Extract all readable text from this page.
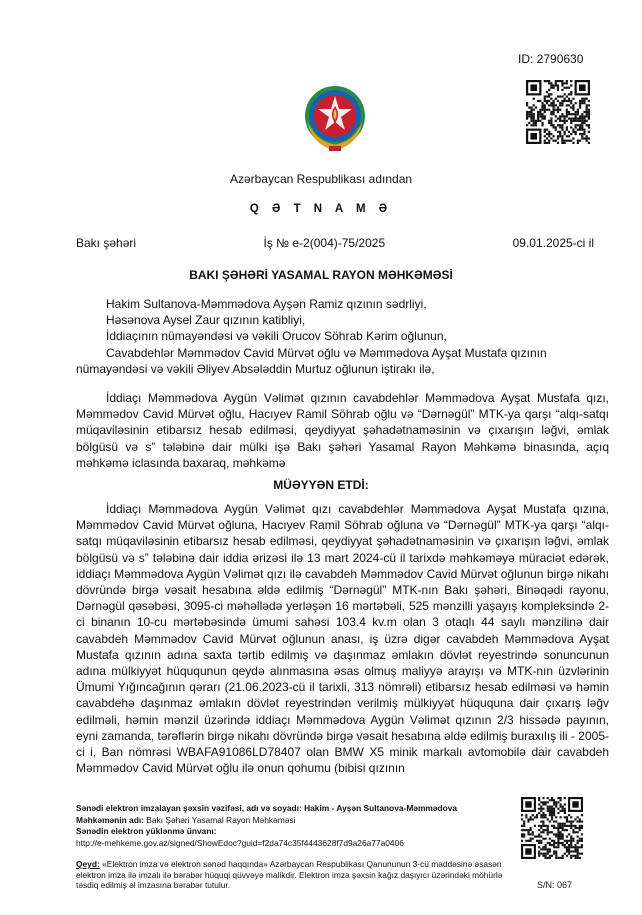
ID: 2790630
Azərbaycan Respublikası adından
Q Ə T N A M Ə
Bakı şəhəri	İş № e-2(004)-75/2025	09.01.2025-ci il
BAKI ŞƏHƏRİ YASAMAL RAYON MƏHKƏMƏSİ
Hakim Sultanova-Məmmədova Ayşən Ramiz qızının sədrliyi,
Həsənova Aysel Zaur qızının katibliyi,
İddiaçının nümayəndəsi və vəkili Orucov Söhrab Kərim oğlunun,
Cavabdehlər Məmmədov Cavid Mürvət oğlu və Məmmədova Ayşat Mustafa qızının
nümayəndəsi və vəkili Əliyev Absələddin Murtuz oğlunun iştirakı ilə,
İddiaçı Məmmədova Aygün Vəlimət qızının cavabdehlər Məmmədova Ayşat Mustafa qızı, Məmmədov Cavid Mürvət oğlu, Hacıyev Ramil Söhrab oğlu və “Dərnəgül” MTK-ya qarşı “alqı-satqı müqaviləsinin etibarsız hesab edilməsi, qeydiyyat şəhadətnaməsinin və çıxarışın ləğvi, əmlak bölgüsü və s” tələbinə dair mülki işə Bakı şəhəri Yasamal Rayon Məhkəmə binasında, açıq məhkəmə iclasında baxaraq, məhkəmə
MÜƏYYƏN ETDİ:
İddiaçı Məmmədova Aygün Vəlimət qızı cavabdehlər Məmmədova Ayşat Mustafa qızına, Məmmədov Cavid Mürvət oğluna, Hacıyev Ramil Söhrab oğluna və “Dərnəgül” MTK-ya qarşı “alqı-satqı müqaviləsinin etibarsız hesab edilməsi, qeydiyyat şəhadətnaməsinin və çıxarışın ləğvi, əmlak bölgüsü və s” tələbinə dair iddia ərizəsi ilə 13 mart 2024-cü il tarixdə məhkəməyə müraciət edərək, iddiaçı Məmmədova Aygün Vəlimət qızı ilə cavabdeh Məmmədov Cavid Mürvət oğlunun birgə nikahı dövründə birgə vəsait hesabına əldə edilmiş “Dərnəgül” MTK-nın Bakı şəhəri, Binəqədi rayonu, Dərnəgül qəsəbəsi, 3095-ci məhəllədə yerləşən 16 mərtəbəli, 525 mənzilli yaşayış kompleksində 2-ci binanın 10-cu mərtəbəsində ümumi sahəsi 103.4 kv.m olan 3 otaqlı 44 saylı mənzilinə dair cavabdeh Məmmədov Cavid Mürvət oğlunun anası, iş üzrə digər cavabdeh Məmmədova Ayşat Mustafa qızının adına saxta tərtib edilmiş və daşınmaz əmlakın dövlət reyestrində sonuncunun adına mülkiyyət hüququnun qeydə alınmasına əsas olmuş maliyyə arayışı və MTK-nın üzvlərinin Ümumi Yığıncağının qərarı (21.06.2023-cü il tarixli, 313 nömrəli) etibarsız hesab edilməsi və həmin cavabdehə daşınmaz əmlakın dövlət reyestrindən verilmiş mülkiyyət hüququna dair çıxarış ləğv edilməli, həmin mənzil üzərində iddiaçı Məmmədova Aygün Vəlimət qızının 2/3 hissədə payının, eyni zamanda, tərəflərin birgə nikahı dövründə birgə vəsait hesabına əldə edilmiş buraxılış ili - 2005-ci i, Ban nömrəsi WBAFA91086LD78407 olan BMW X5 minik markalı avtomobilə dair cavabdeh Məmmədov Cavid Mürvət oğlu ilə onun qohumu (bibisi qızının
Sənədi elektron imzalayan şəxsin vəzifəsi, adı və soyadı: Hakim - Ayşən Sultanova-Məmmədova
Məhkəmənin adı: Bakı Şəhəri Yasamal Rayon Məhkəməsi
Sənədin elektron yüklənmə ünvanı:
http://e-mehkeme.gov.az/signed/ShowEdoc?guid=f2da74c35f4443628f7d9a26a77a0406
Qeyd: «Elektron imza və elektron sənəd haqqında» Azərbaycan Respublikası Qanununun 3-cü maddəsinə əsasən elektron imza ilə imzalı ilə bərabər hüquqi qüvvəyə malikdir. Elektron imza şəxsin kağız daşıyıcı üzərindəki möhürlə təsdiq edilmiş əl imzasına bərabər tutulur.	S/N: 067
